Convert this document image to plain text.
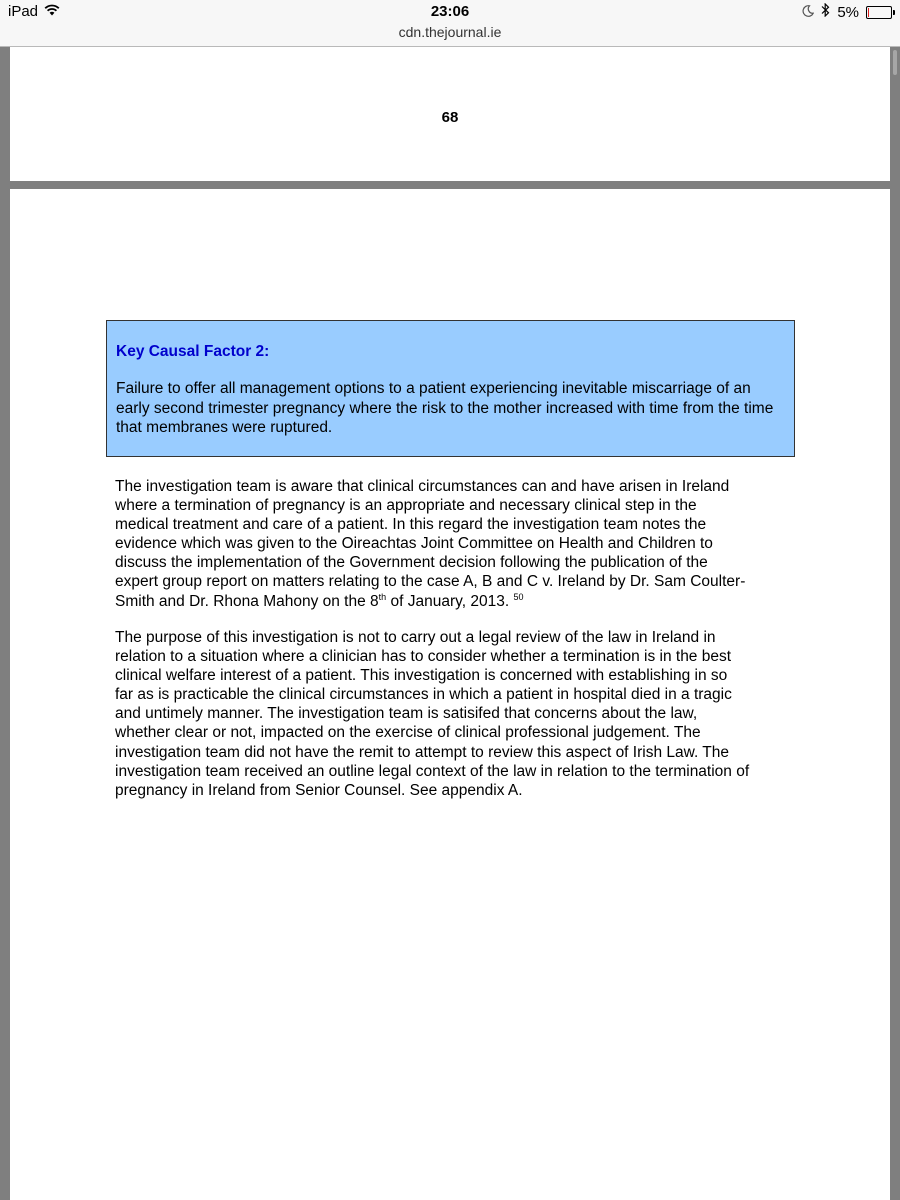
iPad	23:06	5%
cdn.thejournal.ie
68
Key Causal Factor 2:
Failure to offer all management options to a patient experiencing inevitable miscarriage of an early second trimester pregnancy where the risk to the mother increased with time from the time that membranes were ruptured.

The investigation team is aware that clinical circumstances can and have arisen in Ireland
where a termination of pregnancy is an appropriate and necessary clinical step in the
medical treatment and care of a patient. In this regard the investigation team notes the
evidence which was given to the Oireachtas Joint Committee on Health and Children to
discuss the implementation of the Government decision following the publication of the
expert group report on matters relating to the case A, B and C v. Ireland by Dr. Sam Coulter-
Smith and Dr. Rhona Mahony on the 8th of January, 2013. $^{50}$

The purpose of this investigation is not to carry out a legal review of the law in Ireland in
relation to a situation where a clinician has to consider whether a termination is in the best
clinical welfare interest of a patient. This investigation is concerned with establishing in so
far as is practicable the clinical circumstances in which a patient in hospital died in a tragic
and untimely manner. The investigation team is satisifed that concerns about the law,
whether clear or not, impacted on the exercise of clinical professional judgement. The
investigation team did not have the remit to attempt to review this aspect of Irish Law. The
investigation team received an outline legal context of the law in relation to the termination of
pregnancy in Ireland from Senior Counsel. See appendix A.
